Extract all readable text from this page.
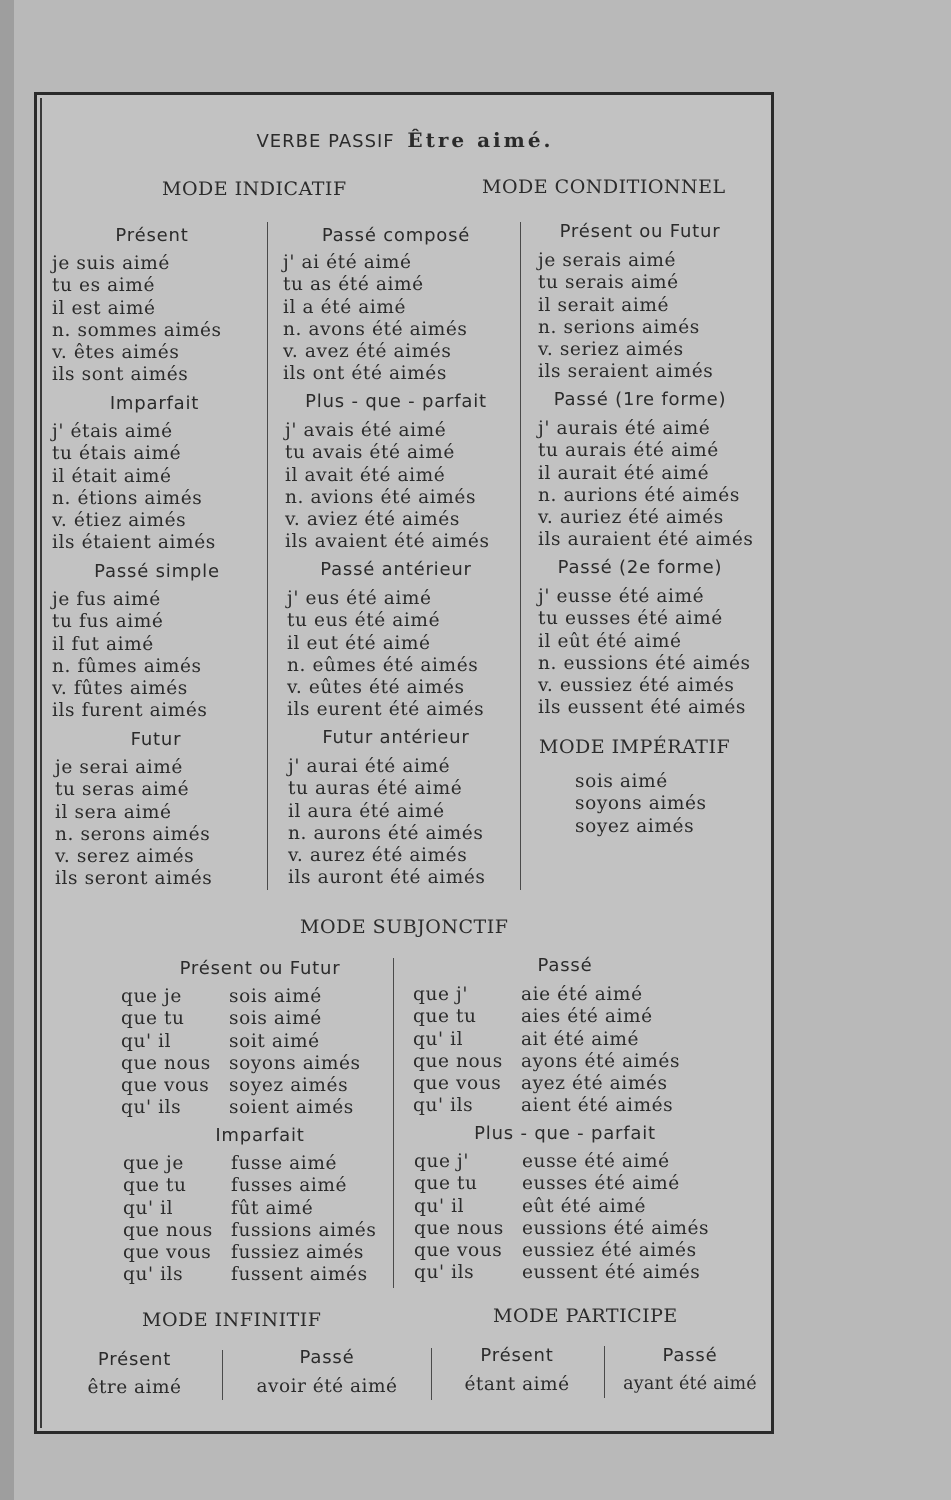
VERBE PASSIF Être aimé.
MODE INDICATIF	MODE CONDITIONNEL
Présent
je suis aimé
tu es aimé
il est aimé
n. sommes aimés
v. êtes aimés
ils sont aimés
Imparfait
j' étais aimé
tu étais aimé
il était aimé
n. étions aimés
v. étiez aimés
ils étaient aimés
Passé simple
je fus aimé
tu fus aimé
il fut aimé
n. fûmes aimés
v. fûtes aimés
ils furent aimés
Futur
je serai aimé
tu seras aimé
il sera aimé
n. serons aimés
v. serez aimés
ils seront aimés
Passé composé
j' ai été aimé
tu as été aimé
il a été aimé
n. avons été aimés
v. avez été aimés
ils ont été aimés
Plus - que - parfait
j' avais été aimé
tu avais été aimé
il avait été aimé
n. avions été aimés
v. aviez été aimés
ils avaient été aimés
Passé antérieur
j' eus été aimé
tu eus été aimé
il eut été aimé
n. eûmes été aimés
v. eûtes été aimés
ils eurent été aimés
Futur antérieur
j' aurai été aimé
tu auras été aimé
il aura été aimé
n. aurons été aimés
v. aurez été aimés
ils auront été aimés
Présent ou Futur
je serais aimé
tu serais aimé
il serait aimé
n. serions aimés
v. seriez aimés
ils seraient aimés
Passé (1re forme)
j' aurais été aimé
tu aurais été aimé
il aurait été aimé
n. aurions été aimés
v. auriez été aimés
ils auraient été aimés
Passé (2e forme)
j' eusse été aimé
tu eusses été aimé
il eût été aimé
n. eussions été aimés
v. eussiez été aimés
ils eussent été aimés
MODE IMPÉRATIF
sois aimé
soyons aimés
soyez aimés
MODE SUBJONCTIF
Présent ou Futur
que je	sois aimé
que tu	sois aimé
qu' il	soit aimé
que nous soyons aimés
que vous	soyez aimés
qu' ils	soient aimés
Passé
que j'	aie été aimé
que tu	aies été aimé
qu' il	ait été aimé
que nous ayons été aimés
que vous	ayez été aimés
qu' ils	aient été aimés
Imparfait
que je	fusse aimé
que tu	fusses aimé
qu' il	fût aimé
que nous fussions aimés
que vous	fussiez aimés
qu' ils	fussent aimés
Plus - que - parfait
que j'	eusse été aimé
que tu	eusses été aimé
qu' il	eût été aimé
que nous eussions été aimés
que vous	eussiez été aimés
qu' ils	eussent été aimés
MODE INFINITIF	MODE PARTICIPE
Présent
être aimé
Passé
avoir été aimé
Présent
étant aimé
Passé
ayant été aimé
